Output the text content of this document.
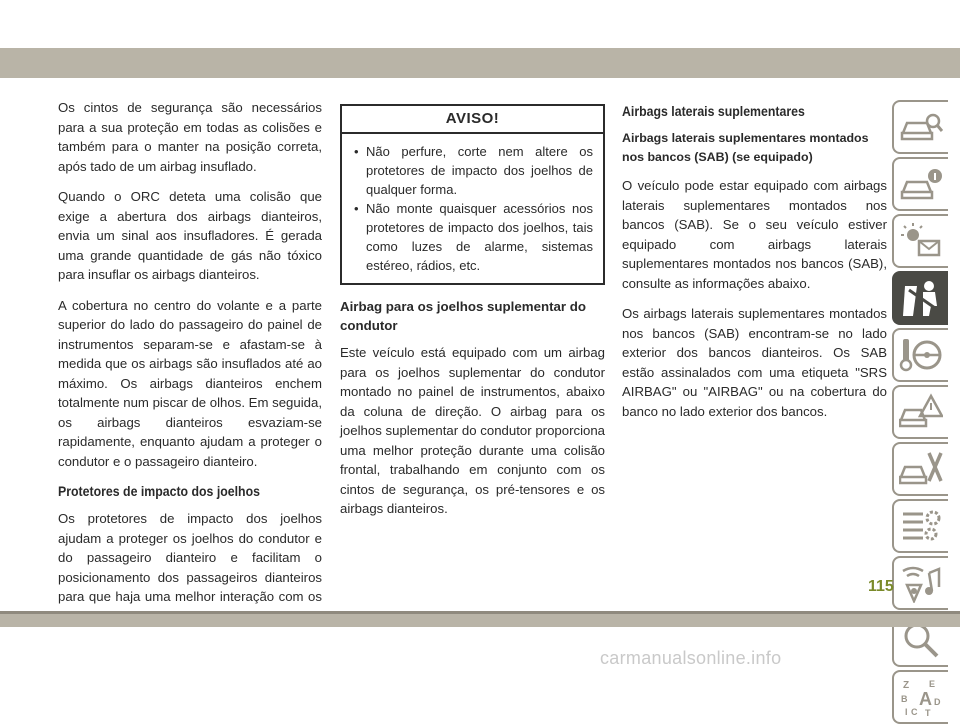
Os cintos de segurança são necessários para a sua proteção em todas as colisões e também para o manter na posição correta, após tado de um airbag insuflado.

Quando o ORC deteta uma colisão que exige a abertura dos airbags dianteiros, envia um sinal aos insufladores. É gerada uma grande quantidade de gás não tóxico para insuflar os airbags dianteiros.

A cobertura no centro do volante e a parte superior do lado do passageiro do painel de instrumentos separam-se e afastam-se à medida que os airbags são insuflados até ao máximo. Os airbags dianteiros enchem totalmente num piscar de olhos. Em seguida, os airbags dianteiros esvaziam-se rapidamente, enquanto ajudam a proteger o condutor e o passageiro dianteiro.

Protetores de impacto dos joelhos

Os protetores de impacto dos joelhos ajudam a proteger os joelhos do condutor e do passageiro dianteiro e facilitam o posicionamento dos passageiros dianteiros para que haja uma melhor interação com os

AVISO!
• Não perfure, corte nem altere os protetores de impacto dos joelhos de qualquer forma.
• Não monte quaisquer acessórios nos protetores de impacto dos joelhos, tais como luzes de alarme, sistemas estéreo, rádios, etc.
Airbag para os joelhos suplementar do condutor

Este veículo está equipado com um airbag para os joelhos suplementar do condutor montado no painel de instrumentos, abaixo da coluna de direção. O airbag para os joelhos suplementar do condutor proporciona uma melhor proteção durante uma colisão frontal, trabalhando em conjunto com os cintos de segurança, os pré-tensores e os airbags dianteiros.

Airbags laterais suplementares
Airbags laterais suplementares montados nos bancos (SAB) (se equipado)

O veículo pode estar equipado com airbags laterais suplementares montados nos bancos (SAB). Se o seu veículo estiver equipado com airbags laterais suplementares montados nos bancos (SAB), consulte as informações abaixo.

Os airbags laterais suplementares montados nos bancos (SAB) encontram-se no lado exterior dos bancos dianteiros. Os SAB estão assinalados com uma etiqueta "SRS AIRBAG" ou "AIRBAG" ou na cobertura do banco no lado exterior dos bancos.

Z E
B A
I C
D
T
115
carmanualsonline.info
